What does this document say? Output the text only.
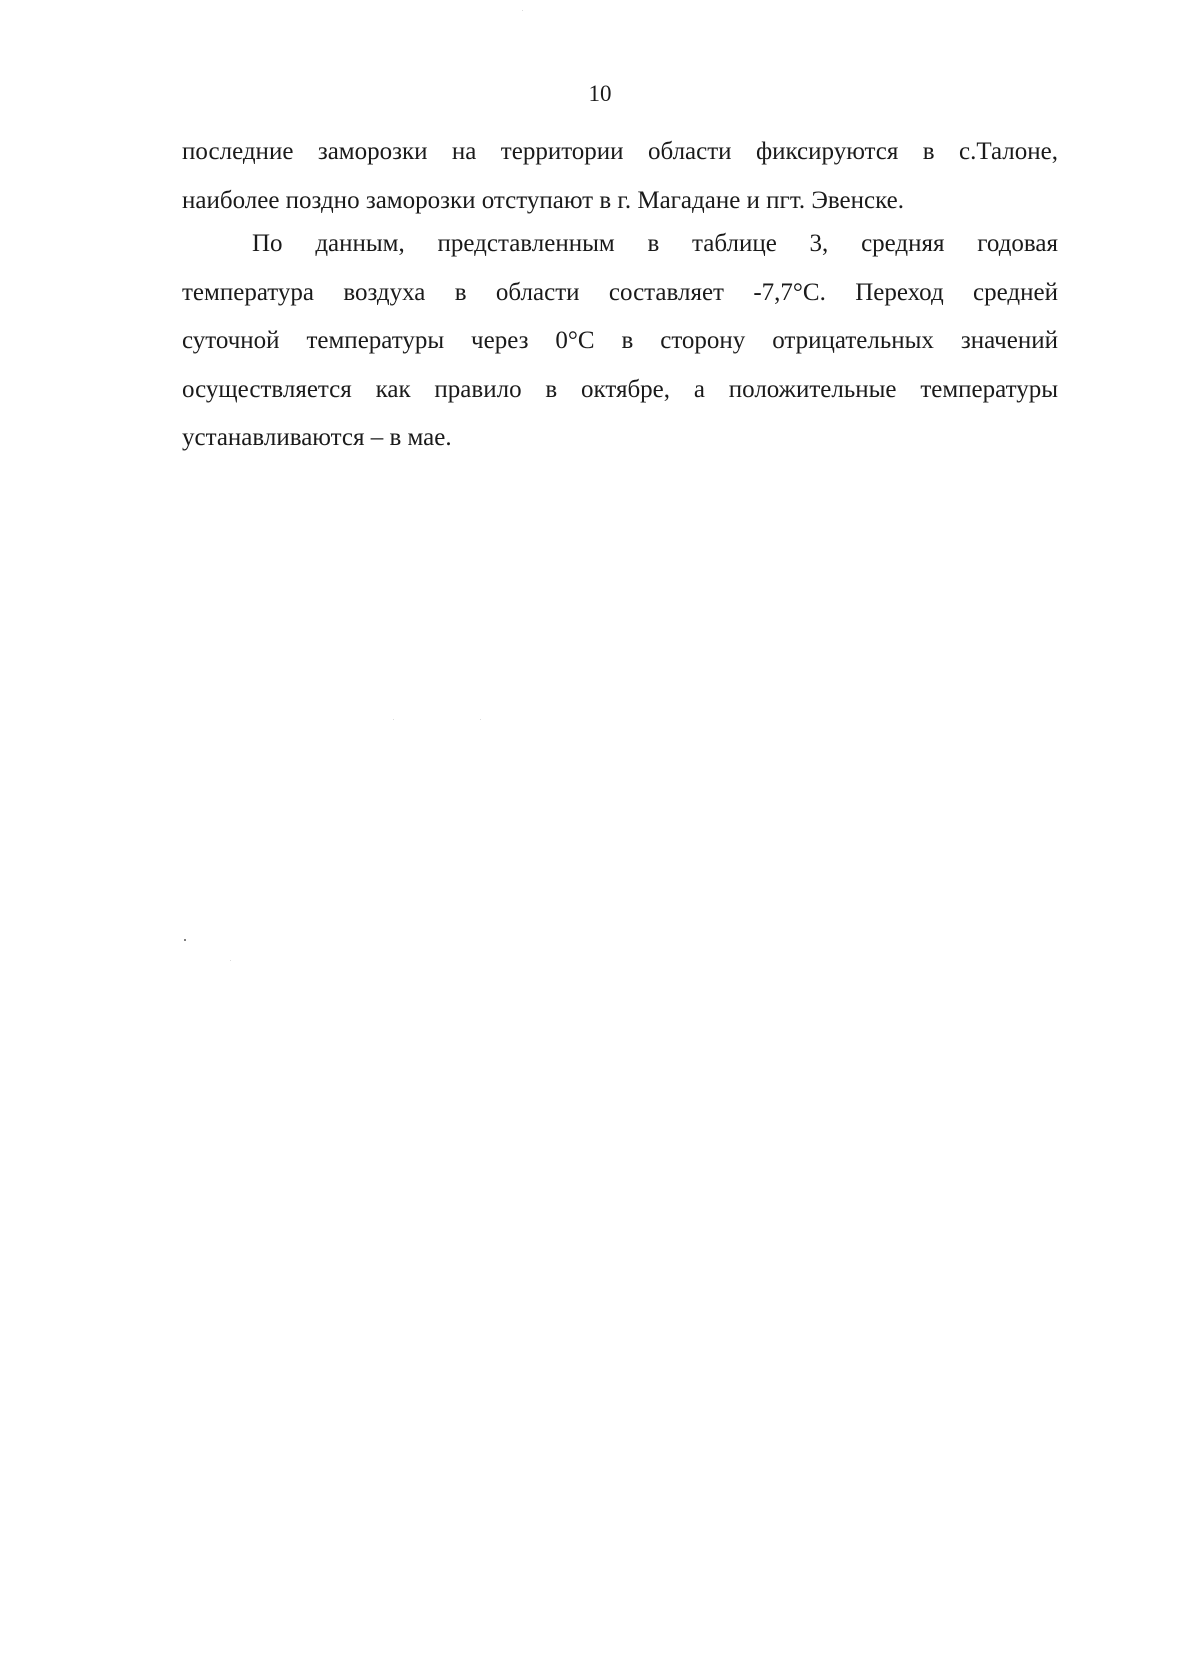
10
последние заморозки на территории области фиксируются в с.Талоне,
наиболее поздно заморозки отступают в г. Магадане и пгт. Эвенске.
По данным, представленным в таблице 3, средняя годовая
температура воздуха в области составляет -7,7°С. Переход средней
суточной температуры через 0°С в сторону отрицательных значений
осуществляется как правило в октябре, а положительные температуры
устанавливаются – в мае.
